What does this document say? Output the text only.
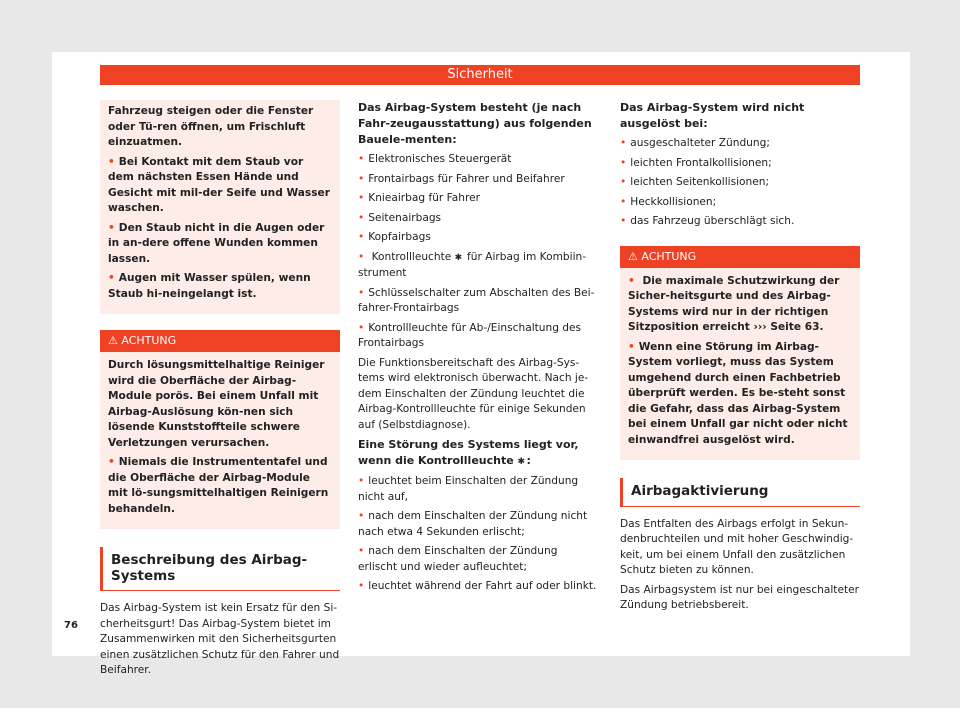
Sicherheit

Fahrzeug steigen oder die Fenster oder Tü-ren öffnen, um Frischluft einzuatmen.

• Bei Kontakt mit dem Staub vor dem nächsten Essen Hände und Gesicht mit mil-der Seife und Wasser waschen.

• Den Staub nicht in die Augen oder in an-dere offene Wunden kommen lassen.

• Augen mit Wasser spülen, wenn Staub hi-neingelangt ist.

⚠ ACHTUNG

Durch lösungsmittelhaltige Reiniger wird die Oberfläche der Airbag-Module porös. Bei einem Unfall mit Airbag-Auslösung kön-nen sich lösende Kunststoffteile schwere Verletzungen verursachen.

• Niemals die Instrumententafel und die Oberfläche der Airbag-Module mit lö-sungsmittelhaltigen Reinigern behandeln.

Beschreibung des Airbag-Systems

Das Airbag-System ist kein Ersatz für den Si-cherheitsgurt! Das Airbag-System bietet im Zusammenwirken mit den Sicherheitsgurten einen zusätzlichen Schutz für den Fahrer und Beifahrer.

Das Airbag-System besteht (je nach Fahr-zeugausstattung) aus folgenden Bauele-menten:

• Elektronisches Steuergerät

• Frontairbags für Fahrer und Beifahrer

• Knieairbag für Fahrer

• Seitenairbags

• Kopfairbags

• Kontrollleuchte ✱ für Airbag im Kombiin-strument

• Schlüsselschalter zum Abschalten des Bei-fahrer-Frontairbags

• Kontrollleuchte für Ab-/Einschaltung des Frontairbags

Die Funktionsbereitschaft des Airbag-Sys-tems wird elektronisch überwacht. Nach je-dem Einschalten der Zündung leuchtet die Airbag-Kontrollleuchte für einige Sekunden auf (Selbstdiagnose).

Eine Störung des Systems liegt vor, wenn die Kontrollleuchte ✱:

• leuchtet beim Einschalten der Zündung nicht auf,

• nach dem Einschalten der Zündung nicht nach etwa 4 Sekunden erlischt;

• nach dem Einschalten der Zündung erlischt und wieder aufleuchtet;

• leuchtet während der Fahrt auf oder blinkt.

Das Airbag-System wird nicht ausgelöst bei:

• ausgeschalteter Zündung;

• leichten Frontalkollisionen;

• leichten Seitenkollisionen;

• Heckkollisionen;

• das Fahrzeug überschlägt sich.

⚠ ACHTUNG

• Die maximale Schutzwirkung der Sicher-heitsgurte und des Airbag-Systems wird nur in der richtigen Sitzposition erreicht ››› Seite 63.

• Wenn eine Störung im Airbag-System vorliegt, muss das System umgehend durch einen Fachbetrieb überprüft werden. Es be-steht sonst die Gefahr, dass das Airbag-System bei einem Unfall gar nicht oder nicht einwandfrei ausgelöst wird.

Airbagaktivierung

Das Entfalten des Airbags erfolgt in Sekun-denbruchteilen und mit hoher Geschwindig-keit, um bei einem Unfall den zusätzlichen Schutz bieten zu können.

Das Airbagsystem ist nur bei eingeschalteter Zündung betriebsbereit.

76
